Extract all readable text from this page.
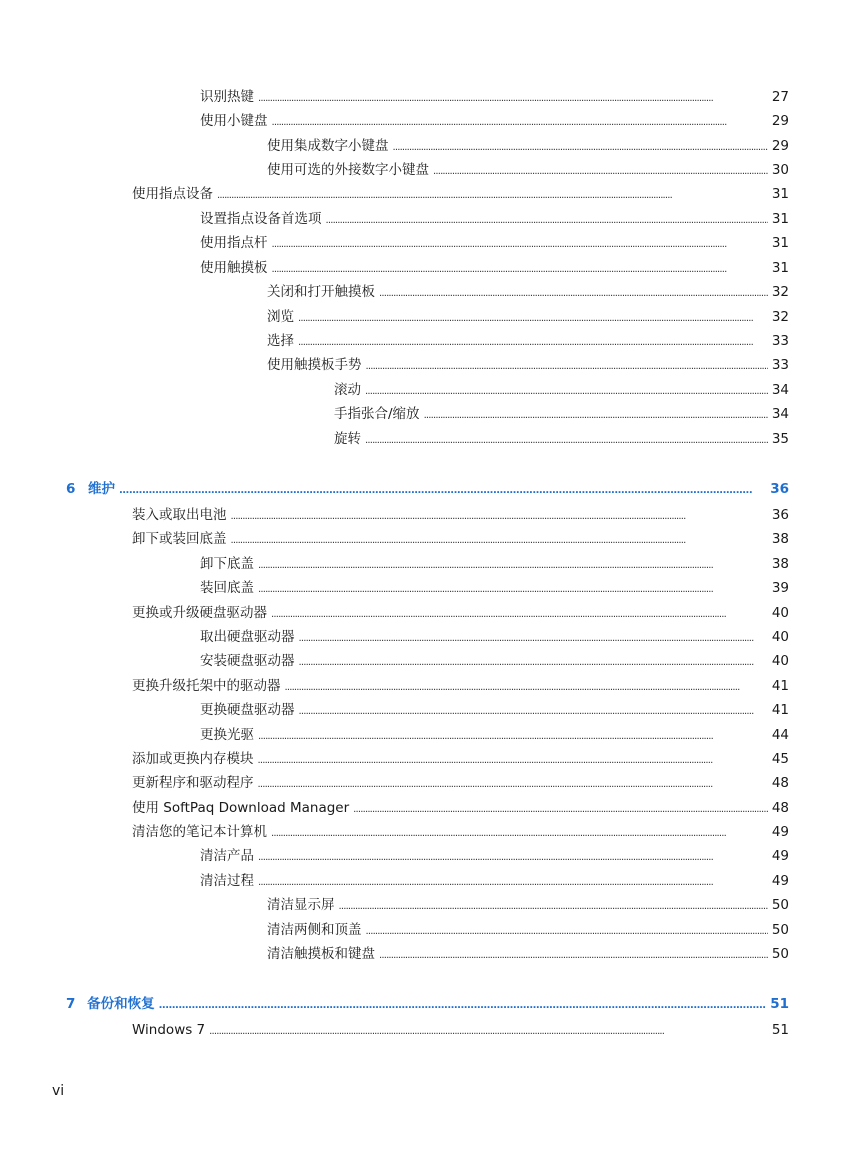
识别热键 . . .	27
使用小键盘 . . .	29
使用集成数字小键盘 . . .	29
使用可选的外接数字小键盘 . . .	30
使用指点设备 . . .	31
设置指点设备首选项 . . .	31
使用指点杆 . . .	31
使用触摸板 . . .	31
关闭和打开触摸板 . . .	32
浏览 . . .	32
选择 . . .	33
使用触摸板手势 . . .	33
滚动 . . .	34
手指张合/缩放 . . .	34
旋转 . . .	35
6 维护 . . .	36
装入或取出电池 . . .	36
卸下或装回底盖 . . .	38
卸下底盖 . . .	38
装回底盖 . . .	39
更换或升级硬盘驱动器 . . .	40
取出硬盘驱动器 . . .	40
安装硬盘驱动器 . . .	40
更换升级托架中的驱动器 . . .	41
更换硬盘驱动器 . . .	41
更换光驱 . . .	44
添加或更换内存模块 . . .	45
更新程序和驱动程序 . . .	48
使用 SoftPaq Download Manager . . .	48
清洁您的笔记本计算机 . . .	49
清洁产品 . . .	49
清洁过程 . . .	49
清洁显示屏 . . .	50
清洁两侧和顶盖 . . .	50
清洁触摸板和键盘 . . .	50
7 备份和恢复 . . .	51
Windows 7 . . .	51
vi
